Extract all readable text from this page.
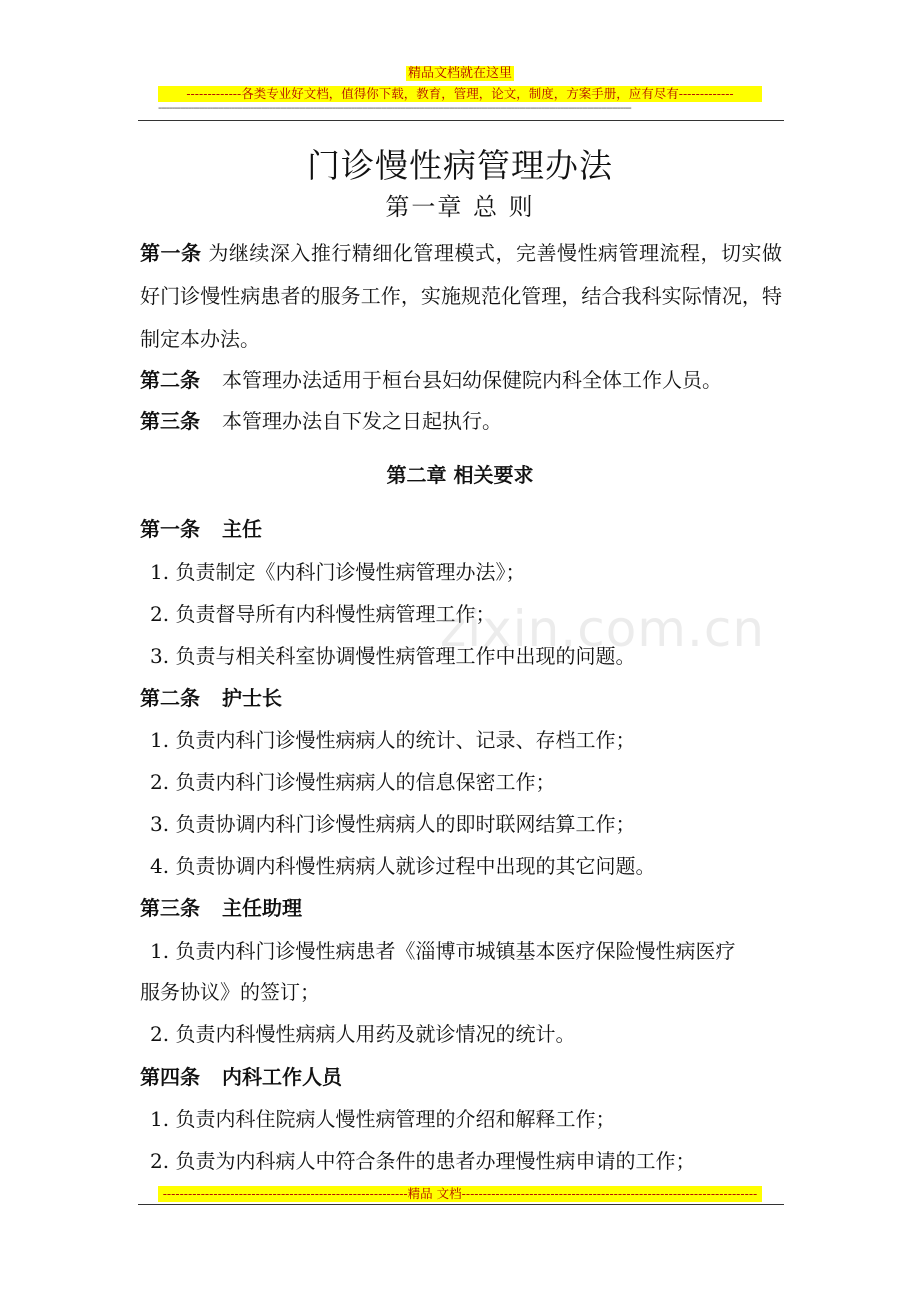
精品文档就在这里
-------------各类专业好文档，值得你下载，教育，管理，论文，制度，方案手册，应有尽有-------------
------------------------------------------------------------------------------------------------------------------------------------------------------------------------------
门诊慢性病管理办法
第一章 总 则
第一条 为继续深入推行精细化管理模式，完善慢性病管理流程，切实做好门诊慢性病患者的服务工作，实施规范化管理，结合我科实际情况，特制定本办法。
第二条 本管理办法适用于桓台县妇幼保健院内科全体工作人员。
第三条 本管理办法自下发之日起执行。
第二章 相关要求
第一条 主任
1. 负责制定《内科门诊慢性病管理办法》；
2. 负责督导所有内科慢性病管理工作；
3. 负责与相关科室协调慢性病管理工作中出现的问题。
第二条 护士长
1. 负责内科门诊慢性病病人的统计、记录、存档工作；
2. 负责内科门诊慢性病病人的信息保密工作；
3. 负责协调内科门诊慢性病病人的即时联网结算工作；
4. 负责协调内科慢性病病人就诊过程中出现的其它问题。
第三条 主任助理
1. 负责内科门诊慢性病患者《淄博市城镇基本医疗保险慢性病医疗
服务协议》的签订；
2. 负责内科慢性病病人用药及就诊情况的统计。
第四条 内科工作人员
1. 负责内科住院病人慢性病管理的介绍和解释工作；
2. 负责为内科病人中符合条件的患者办理慢性病申请的工作；
zixin.com.cn
----------------------------------------------------------精品 文档----------------------------------------------------------------------
